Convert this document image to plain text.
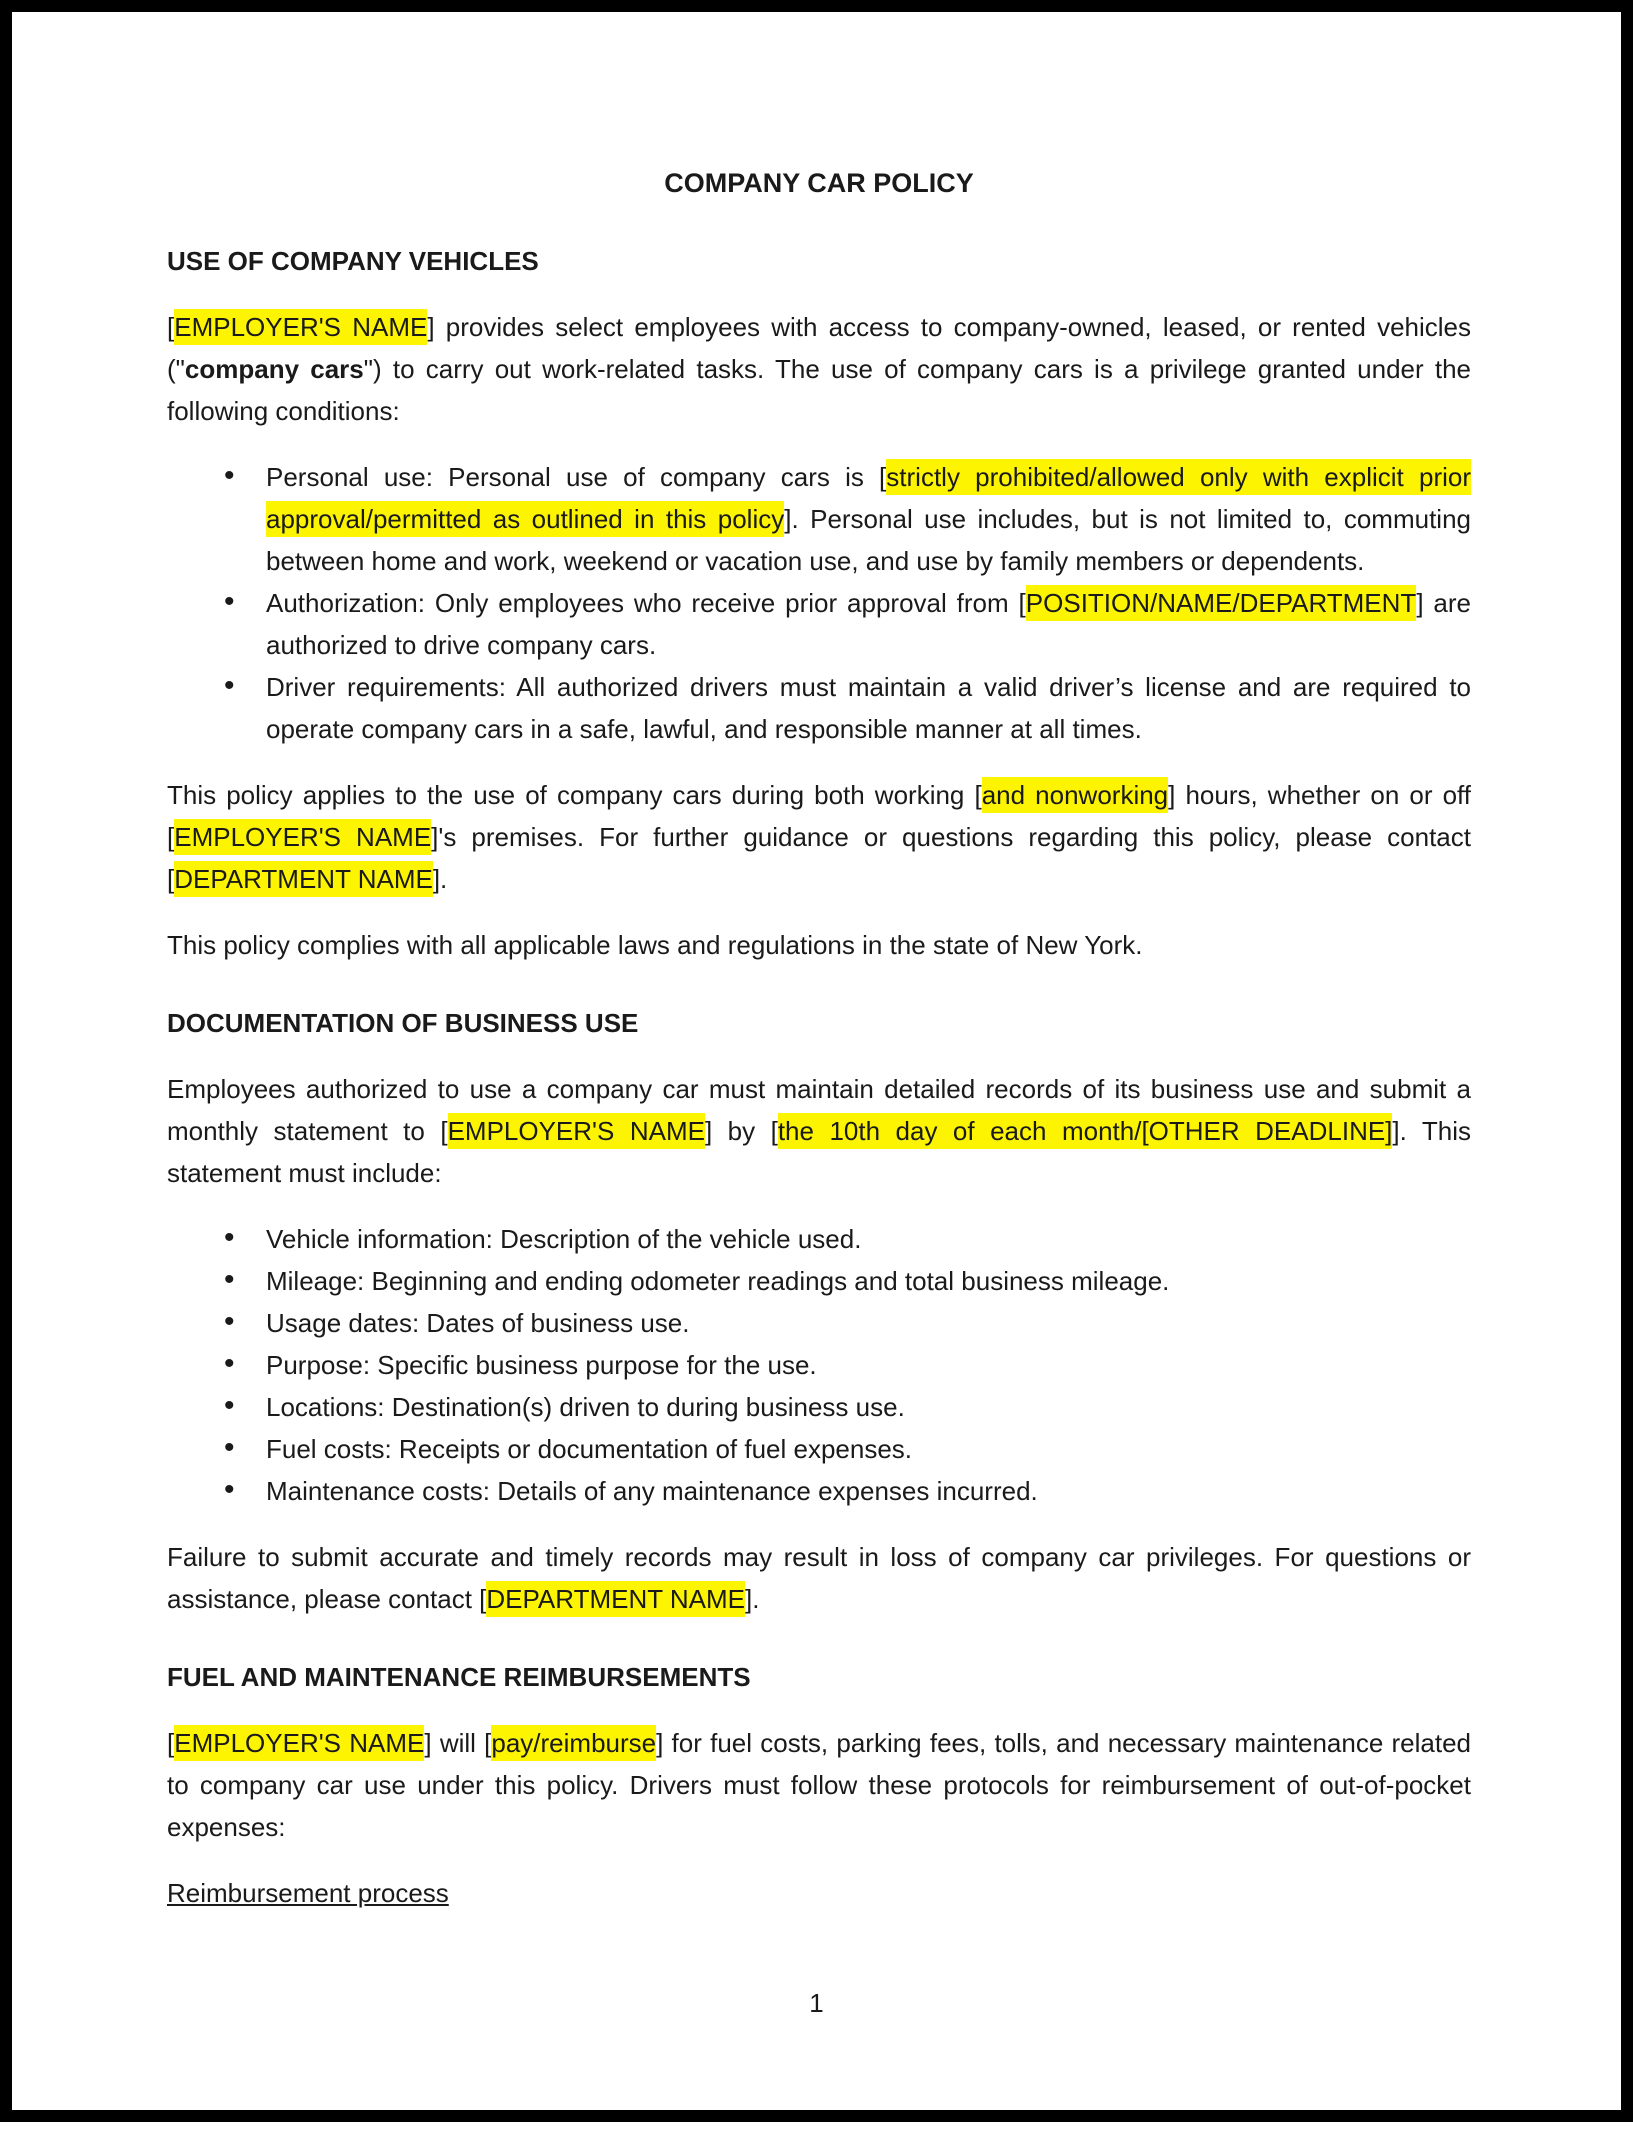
COMPANY CAR POLICY
USE OF COMPANY VEHICLES

[EMPLOYER'S NAME] provides select employees with access to company-owned, leased, or rented vehicles ("company cars") to carry out work-related tasks. The use of company cars is a privilege granted under the following conditions:

• Personal use: Personal use of company cars is [strictly prohibited/allowed only with explicit prior approval/permitted as outlined in this policy]. Personal use includes, but is not limited to, commuting between home and work, weekend or vacation use, and use by family members or dependents.
• Authorization: Only employees who receive prior approval from [POSITION/NAME/DEPARTMENT] are authorized to drive company cars.
• Driver requirements: All authorized drivers must maintain a valid driver’s license and are required to operate company cars in a safe, lawful, and responsible manner at all times.

This policy applies to the use of company cars during both working [and nonworking] hours, whether on or off [EMPLOYER'S NAME]'s premises. For further guidance or questions regarding this policy, please contact [DEPARTMENT NAME].

This policy complies with all applicable laws and regulations in the state of New York.

DOCUMENTATION OF BUSINESS USE

Employees authorized to use a company car must maintain detailed records of its business use and submit a monthly statement to [EMPLOYER'S NAME] by [the 10th day of each month/[OTHER DEADLINE]]. This statement must include:

• Vehicle information: Description of the vehicle used.
• Mileage: Beginning and ending odometer readings and total business mileage.
• Usage dates: Dates of business use.
• Purpose: Specific business purpose for the use.
• Locations: Destination(s) driven to during business use.
• Fuel costs: Receipts or documentation of fuel expenses.
• Maintenance costs: Details of any maintenance expenses incurred.

Failure to submit accurate and timely records may result in loss of company car privileges. For questions or assistance, please contact [DEPARTMENT NAME].

FUEL AND MAINTENANCE REIMBURSEMENTS

[EMPLOYER'S NAME] will [pay/reimburse] for fuel costs, parking fees, tolls, and necessary maintenance related to company car use under this policy. Drivers must follow these protocols for reimbursement of out-of-pocket expenses:

Reimbursement process

1
